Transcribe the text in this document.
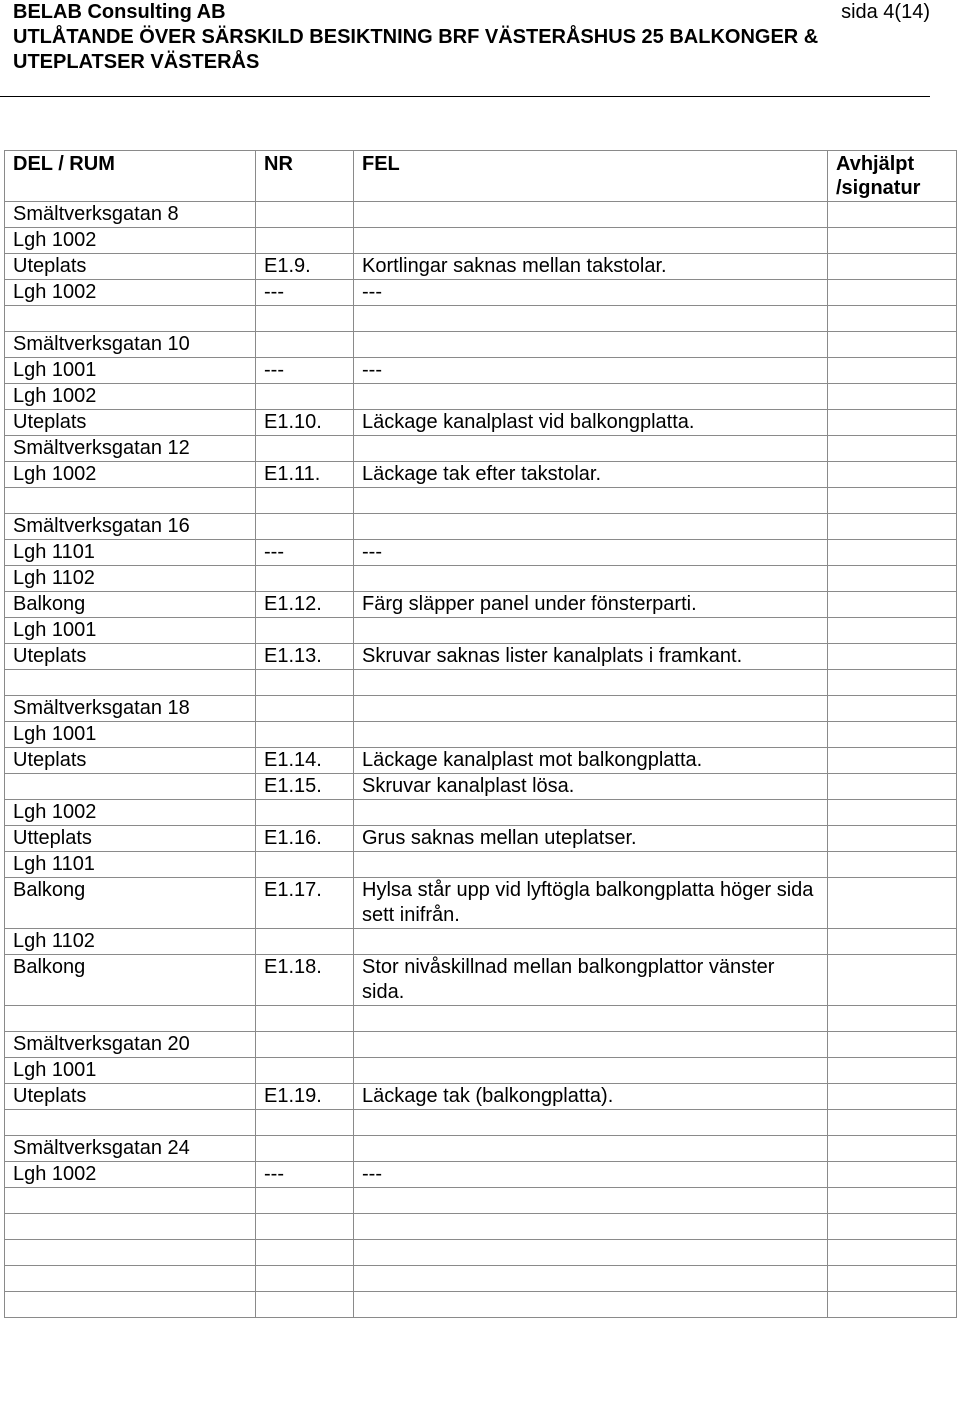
BELAB Consulting AB	sida 4(14)
UTLÅTANDE ÖVER SÄRSKILD BESIKTNING BRF VÄSTERÅSHUS 25 BALKONGER &
UTEPLATSER VÄSTERÅS
DEL / RUM	NR	FEL	Avhjälpt
/signatur
Smältverksgatan 8			
Lgh 1002			
Uteplats	E1.9.	Kortlingar saknas mellan takstolar.	
Lgh 1002	---	---	

Smältverksgatan 10			
Lgh 1001	---	---	
Lgh 1002			
Uteplats	E1.10.	Läckage kanalplast vid balkongplatta.	
Smältverksgatan 12			
Lgh 1002	E1.11.	Läckage tak efter takstolar.	

Smältverksgatan 16			
Lgh 1101	---	---	
Lgh 1102			
Balkong	E1.12.	Färg släpper panel under fönsterparti.	
Lgh 1001			
Uteplats	E1.13.	Skruvar saknas lister kanalplats i framkant.	

Smältverksgatan 18			
Lgh 1001			
Uteplats	E1.14.	Läckage kanalplast mot balkongplatta.	
	E1.15.	Skruvar kanalplast lösa.	
Lgh 1002			
Utteplats	E1.16.	Grus saknas mellan uteplatser.	
Lgh 1101			
Balkong	E1.17.	Hylsa står upp vid lyftögla balkongplatta höger sida sett inifrån.	
Lgh 1102			
Balkong	E1.18.	Stor nivåskillnad mellan balkongplattor vänster sida.	

Smältverksgatan 20			
Lgh 1001			
Uteplats	E1.19.	Läckage tak (balkongplatta).	

Smältverksgatan 24			
Lgh 1002	---	---	
